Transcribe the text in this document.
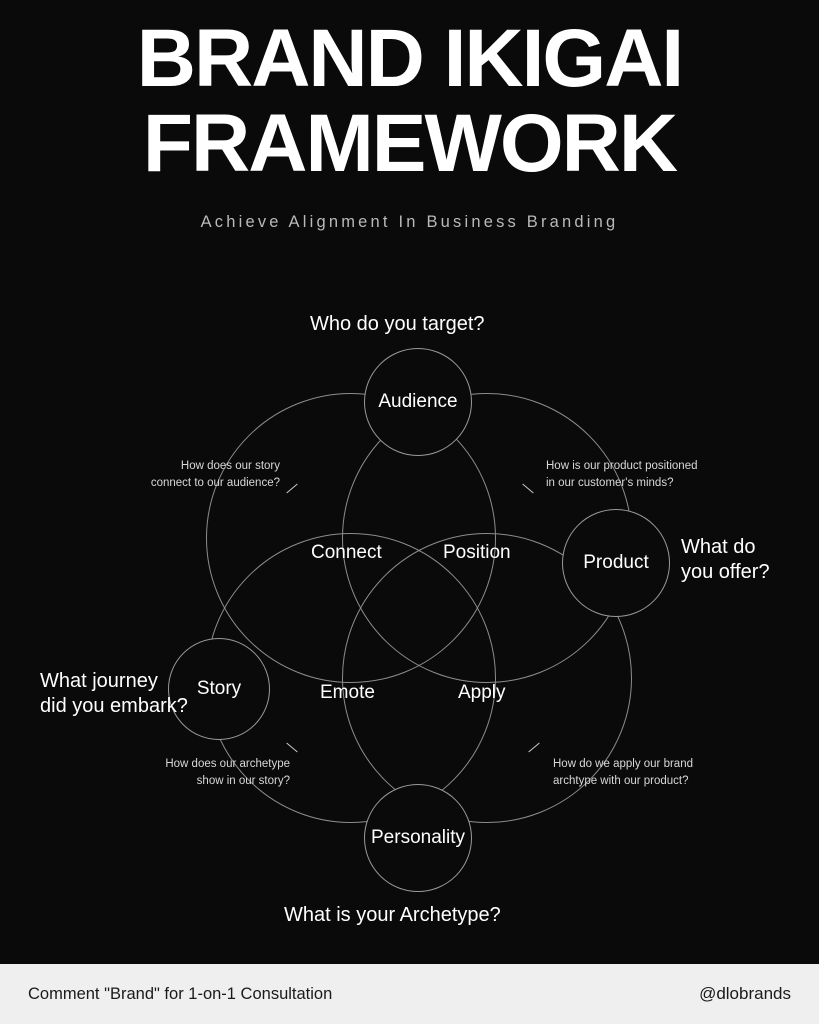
BRAND IKIGAI
FRAMEWORK
Achieve Alignment In Business Branding
Audience
Product
Story
Personality
Connect	Position
Emote	Apply
Who do you target?
What do
you offer?
What journey
did you embark?
What is your Archetype?
How does our story
connect to our audience?
How is our product positioned
in our customer's minds?
How does our archetype
show in our story?
How do we apply our brand
archtype with our product?
Comment "Brand" for 1-on-1 Consultation	@dlobrands
